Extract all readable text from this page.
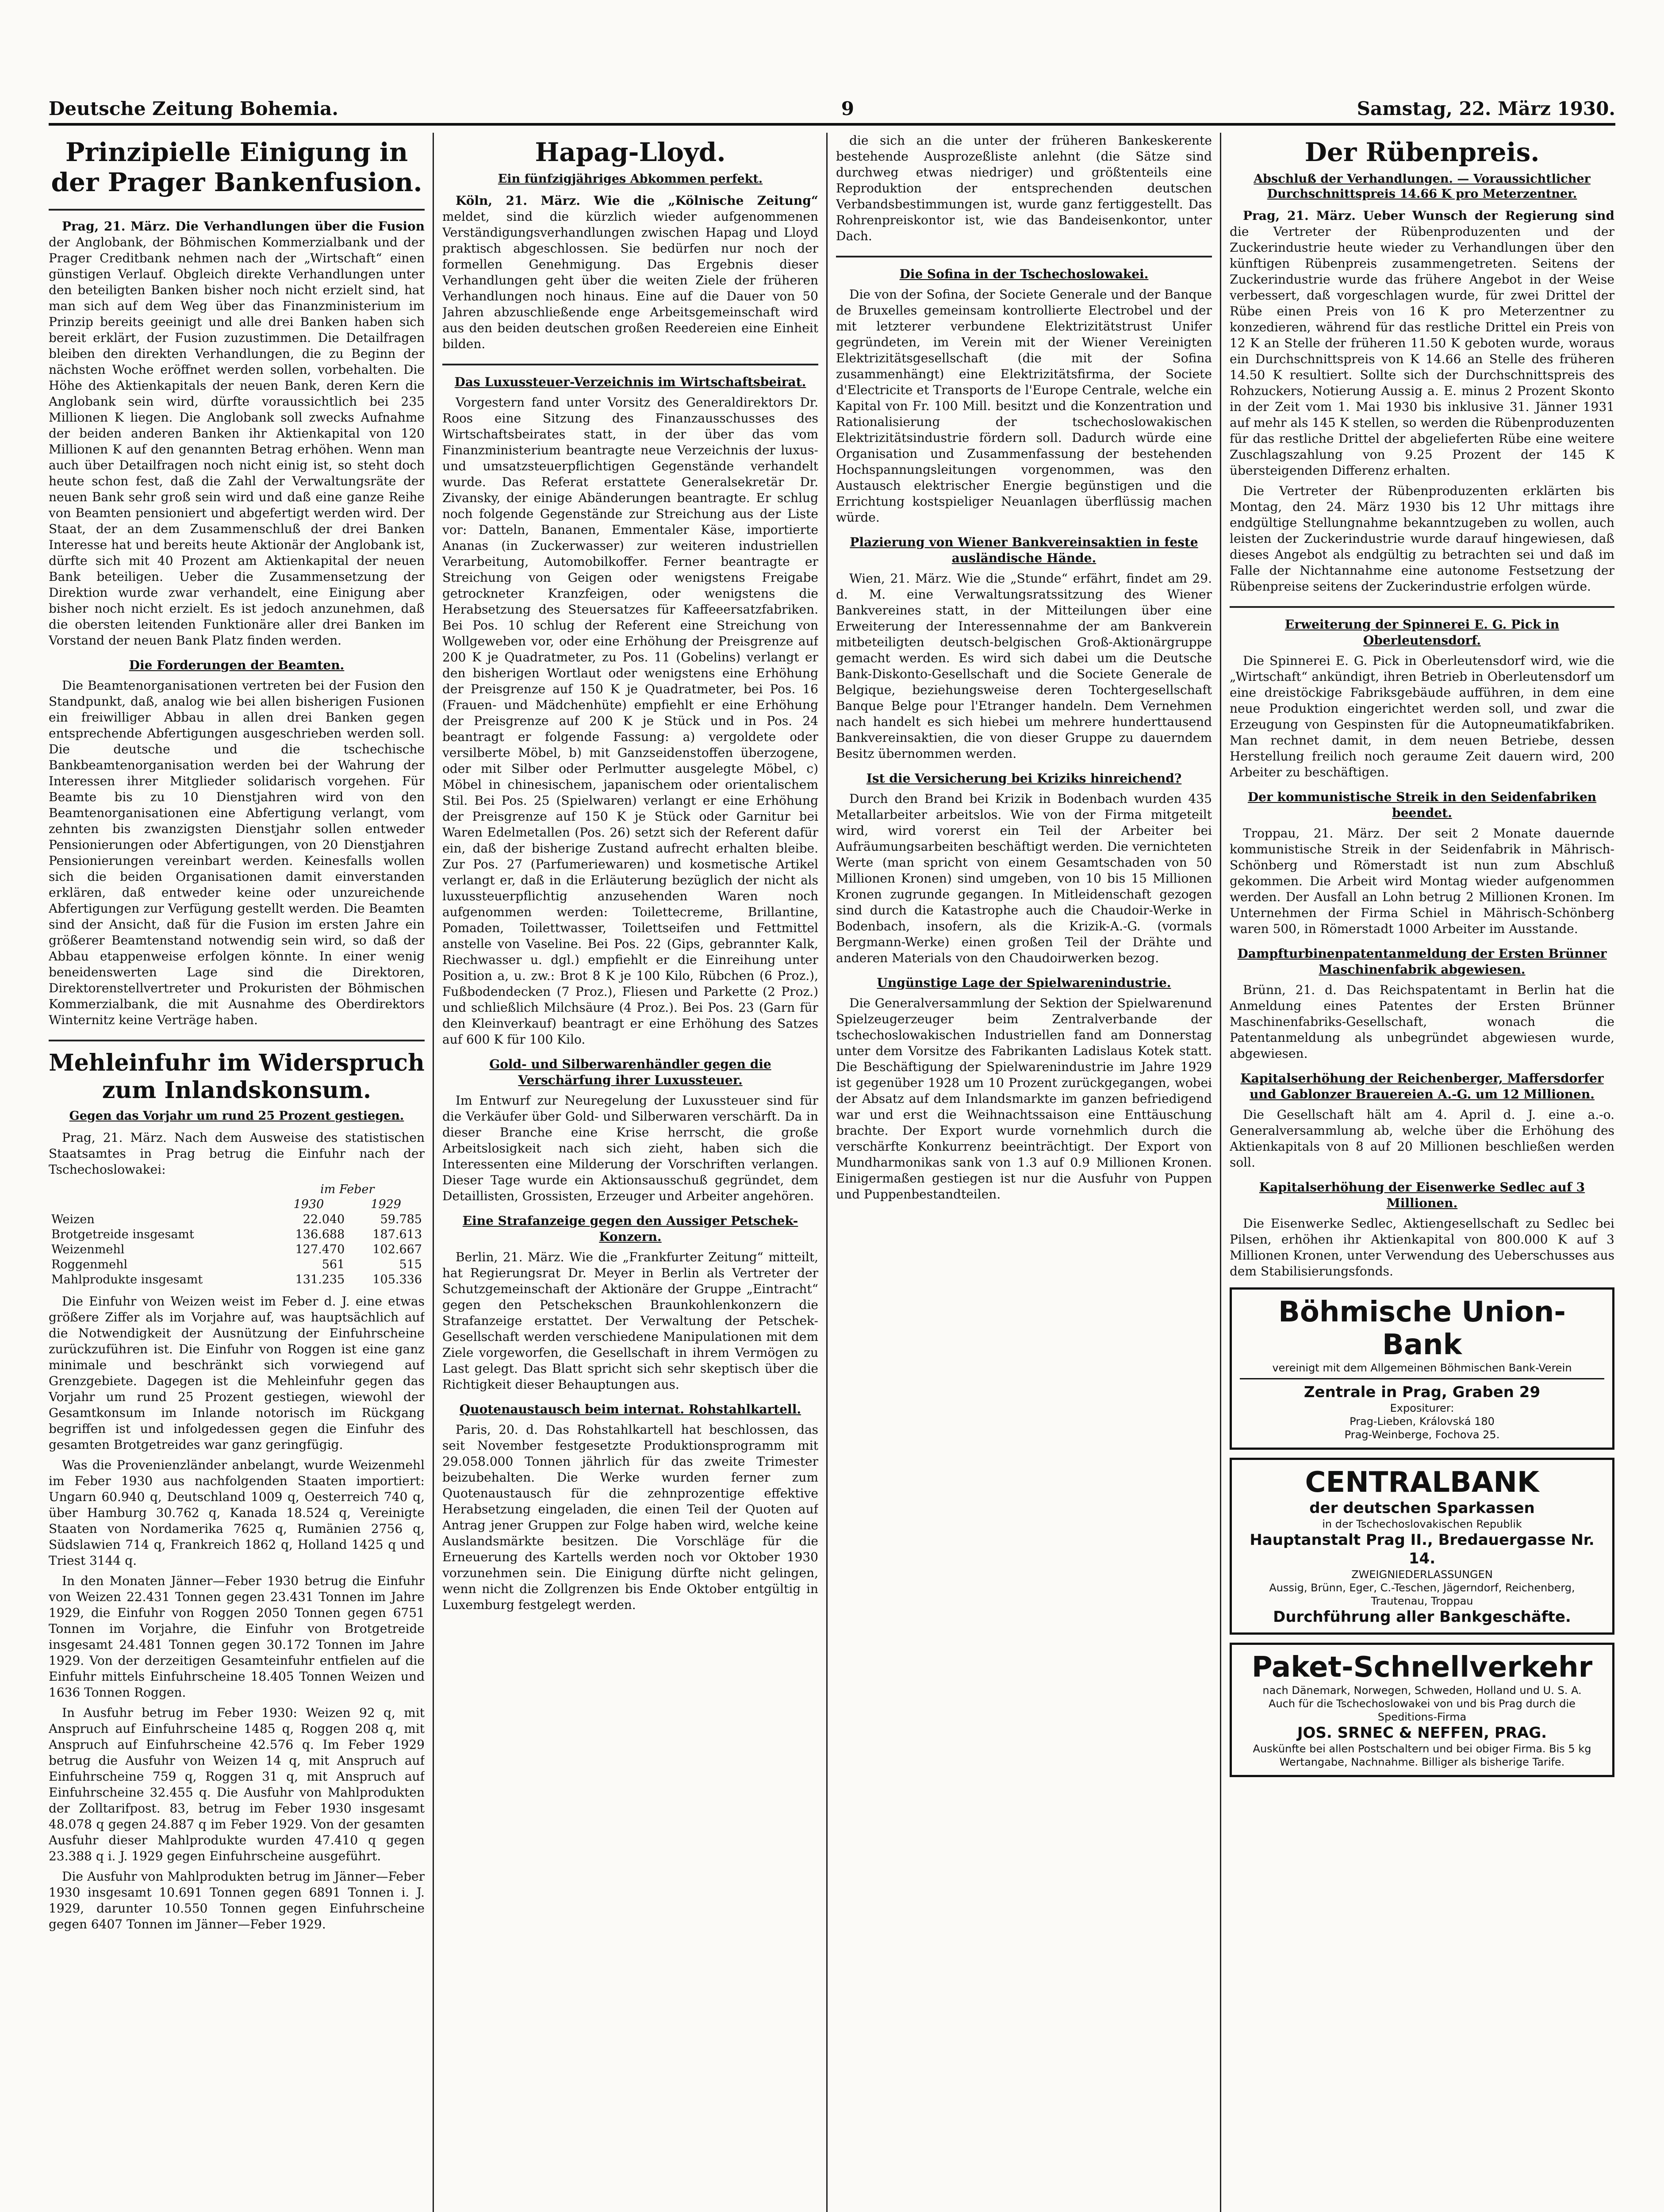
Deutsche Zeitung Bohemia.	9	Samstag, 22. März 1930.
Prinzipielle Einigung in der Prager Bankenfusion.

Prag, 21. März. Die Verhandlungen über die Fusion der Anglobank, der Böhmischen Kommerzialbank und der Prager Creditbank nehmen nach der „Wirtschaft“ einen günstigen Verlauf. Obgleich direkte Verhandlungen unter den beteiligten Banken bisher noch nicht erzielt sind, hat man sich auf dem Weg über das Finanzministerium im Prinzip bereits geeinigt und alle drei Banken haben sich bereit erklärt, der Fusion zuzustimmen. Die Detailfragen bleiben den direkten Verhandlungen, die zu Beginn der nächsten Woche eröffnet werden sollen, vorbehalten. Die Höhe des Aktienkapitals der neuen Bank, deren Kern die Anglobank sein wird, dürfte voraussichtlich bei 235 Millionen K liegen. Die Anglobank soll zwecks Aufnahme der beiden anderen Banken ihr Aktienkapital von 120 Millionen K auf den genannten Betrag erhöhen. Wenn man auch über Detailfragen noch nicht einig ist, so steht doch heute schon fest, daß die Zahl der Verwaltungsräte der neuen Bank sehr groß sein wird und daß eine ganze Reihe von Beamten pensioniert und abgefertigt werden wird. Der Staat, der an dem Zusammenschluß der drei Banken Interesse hat und bereits heute Aktionär der Anglobank ist, dürfte sich mit 40 Prozent am Aktienkapital der neuen Bank beteiligen. Ueber die Zusammensetzung der Direktion wurde zwar verhandelt, eine Einigung aber bisher noch nicht erzielt. Es ist jedoch anzunehmen, daß die obersten leitenden Funktionäre aller drei Banken im Vorstand der neuen Bank Platz finden werden.

Die Forderungen der Beamten.

Die Beamtenorganisationen vertreten bei der Fusion den Standpunkt, daß, analog wie bei allen bisherigen Fusionen ein freiwilliger Abbau in allen drei Banken gegen entsprechende Abfertigungen ausgeschrieben werden soll. Die deutsche und die tschechische Bankbeamtenorganisation werden bei der Wahrung der Interessen ihrer Mitglieder solidarisch vorgehen. Für Beamte bis zu 10 Dienstjahren wird von den Beamtenorganisationen eine Abfertigung verlangt, vom zehnten bis zwanzigsten Dienstjahr sollen entweder Pensionierungen oder Abfertigungen, von 20 Dienstjahren Pensionierungen vereinbart werden. Keinesfalls wollen sich die beiden Organisationen damit einverstanden erklären, daß entweder keine oder unzureichende Abfertigungen zur Verfügung gestellt werden. Die Beamten sind der Ansicht, daß für die Fusion im ersten Jahre ein größerer Beamtenstand notwendig sein wird, so daß der Abbau etappenweise erfolgen könnte. In einer wenig beneidenswerten Lage sind die Direktoren, Direktorenstellvertreter und Prokuristen der Böhmischen Kommerzialbank, die mit Ausnahme des Oberdirektors Winternitz keine Verträge haben.

Mehleinfuhr im Widerspruch zum Inlandskonsum.
Gegen das Vorjahr um rund 25 Prozent gestiegen.

Prag, 21. März. Nach dem Ausweise des statistischen Staatsamtes in Prag betrug die Einfuhr nach der Tschechoslowakei:

	im Feber	
	1930	1929
Weizen	22.040	59.785
Brotgetreide insgesamt	136.688	187.613
Weizenmehl	127.470	102.667
Roggenmehl	561	515
Mahlprodukte insgesamt	131.235	105.336

Die Einfuhr von Weizen weist im Feber d. J. eine etwas größere Ziffer als im Vorjahre auf, was hauptsächlich auf die Notwendigkeit der Ausnützung der Einfuhrscheine zurückzuführen ist. Die Einfuhr von Roggen ist eine ganz minimale und beschränkt sich vorwiegend auf Grenzgebiete. Dagegen ist die Mehleinfuhr gegen das Vorjahr um rund 25 Prozent gestiegen, wiewohl der Gesamtkonsum im Inlande notorisch im Rückgang begriffen ist und infolgedessen gegen die Einfuhr des gesamten Brotgetreides war ganz geringfügig.

Was die Provenienzländer anbelangt, wurde Weizenmehl im Feber 1930 aus nachfolgenden Staaten importiert: Ungarn 60.940 q, Deutschland 1009 q, Oesterreich 740 q, über Hamburg 30.762 q, Kanada 18.524 q, Vereinigte Staaten von Nordamerika 7625 q, Rumänien 2756 q, Südslawien 714 q, Frankreich 1862 q, Holland 1425 q und Triest 3144 q.

In den Monaten Jänner—Feber 1930 betrug die Einfuhr von Weizen 22.431 Tonnen gegen 23.431 Tonnen im Jahre 1929, die Einfuhr von Roggen 2050 Tonnen gegen 6751 Tonnen im Vorjahre, die Einfuhr von Brotgetreide insgesamt 24.481 Tonnen gegen 30.172 Tonnen im Jahre 1929. Von der derzeitigen Gesamteinfuhr entfielen auf die Einfuhr mittels Einfuhrscheine 18.405 Tonnen Weizen und 1636 Tonnen Roggen.

In Ausfuhr betrug im Feber 1930: Weizen 92 q, mit Anspruch auf Einfuhrscheine 1485 q, Roggen 208 q, mit Anspruch auf Einfuhrscheine 42.576 q. Im Feber 1929 betrug die Ausfuhr von Weizen 14 q, mit Anspruch auf Einfuhrscheine 759 q, Roggen 31 q, mit Anspruch auf Einfuhrscheine 32.455 q. Die Ausfuhr von Mahlprodukten der Zolltarifpost. 83, betrug im Feber 1930 insgesamt 48.078 q gegen 24.887 q im Feber 1929. Von der gesamten Ausfuhr dieser Mahlprodukte wurden 47.410 q gegen 23.388 q i. J. 1929 gegen Einfuhrscheine ausgeführt.

Die Ausfuhr von Mahlprodukten betrug im Jänner—Feber 1930 insgesamt 10.691 Tonnen gegen 6891 Tonnen i. J. 1929, darunter 10.550 Tonnen gegen Einfuhrscheine gegen 6407 Tonnen im Jänner—Feber 1929.

Hapag-Lloyd.
Ein fünfzigjähriges Abkommen perfekt.

Köln, 21. März. Wie die „Kölnische Zeitung“ meldet, sind die kürzlich wieder aufgenommenen Verständigungsverhandlungen zwischen Hapag und Lloyd praktisch abgeschlossen. Sie bedürfen nur noch der formellen Genehmigung. Das Ergebnis dieser Verhandlungen geht über die weiten Ziele der früheren Verhandlungen noch hinaus. Eine auf die Dauer von 50 Jahren abzuschließende enge Arbeitsgemeinschaft wird aus den beiden deutschen großen Reedereien eine Einheit bilden.

Das Luxussteuer-Verzeichnis im Wirtschaftsbeirat.

Vorgestern fand unter Vorsitz des Generaldirektors Dr. Roos eine Sitzung des Finanzausschusses des Wirtschaftsbeirates statt, in der über das vom Finanzministerium beantragte neue Verzeichnis der luxus- und umsatzsteuerpflichtigen Gegenstände verhandelt wurde. Das Referat erstattete Generalsekretär Dr. Zivansky, der einige Abänderungen beantragte. Er schlug noch folgende Gegenstände zur Streichung aus der Liste vor: Datteln, Bananen, Emmentaler Käse, importierte Ananas (in Zuckerwasser) zur weiteren industriellen Verarbeitung, Automobilkoffer. Ferner beantragte er Streichung von Geigen oder wenigstens Freigabe getrockneter Kranzfeigen, oder wenigstens die Herabsetzung des Steuersatzes für Kaffeeersatzfabriken. Bei Pos. 10 schlug der Referent eine Streichung von Wollgeweben vor, oder eine Erhöhung der Preisgrenze auf 200 K je Quadratmeter, zu Pos. 11 (Gobelins) verlangt er den bisherigen Wortlaut oder wenigstens eine Erhöhung der Preisgrenze auf 150 K je Quadratmeter, bei Pos. 16 (Frauen- und Mädchenhüte) empfiehlt er eine Erhöhung der Preisgrenze auf 200 K je Stück und in Pos. 24 beantragt er folgende Fassung: a) vergoldete oder versilberte Möbel, b) mit Ganzseidenstoffen überzogene, oder mit Silber oder Perlmutter ausgelegte Möbel, c) Möbel in chinesischem, japanischem oder orientalischem Stil. Bei Pos. 25 (Spielwaren) verlangt er eine Erhöhung der Preisgrenze auf 150 K je Stück oder Garnitur bei Waren Edelmetallen (Pos. 26) setzt sich der Referent dafür ein, daß der bisherige Zustand aufrecht erhalten bleibe. Zur Pos. 27 (Parfumeriewaren) und kosmetische Artikel verlangt er, daß in die Erläuterung bezüglich der nicht als luxussteuerpflichtig anzusehenden Waren noch aufgenommen werden: Toilettecreme, Brillantine, Pomaden, Toilettwasser, Toilettseifen und Fettmittel anstelle von Vaseline. Bei Pos. 22 (Gips, gebrannter Kalk, Riechwasser u. dgl.) empfiehlt er die Einreihung unter Position a, u. zw.: Brot 8 K je 100 Kilo, Rübchen (6 Proz.), Fußbodendecken (7 Proz.), Fliesen und Parkette (2 Proz.) und schließlich Milchsäure (4 Proz.). Bei Pos. 23 (Garn für den Kleinverkauf) beantragt er eine Erhöhung des Satzes auf 600 K für 100 Kilo.

Gold- und Silberwarenhändler gegen die Verschärfung ihrer Luxussteuer.

Im Entwurf zur Neuregelung der Luxussteuer sind für die Verkäufer über Gold- und Silberwaren verschärft. Da in dieser Branche eine Krise herrscht, die große Arbeitslosigkeit nach sich zieht, haben sich die Interessenten eine Milderung der Vorschriften verlangen. Dieser Tage wurde ein Aktionsausschuß gegründet, dem Detaillisten, Grossisten, Erzeuger und Arbeiter angehören.

Eine Strafanzeige gegen den Aussiger Petschek-Konzern.

Berlin, 21. März. Wie die „Frankfurter Zeitung“ mitteilt, hat Regierungsrat Dr. Meyer in Berlin als Vertreter der Schutzgemeinschaft der Aktionäre der Gruppe „Eintracht“ gegen den Petschekschen Braunkohlenkonzern die Strafanzeige erstattet. Der Verwaltung der Petschek-Gesellschaft werden verschiedene Manipulationen mit dem Ziele vorgeworfen, die Gesellschaft in ihrem Vermögen zu Last gelegt. Das Blatt spricht sich sehr skeptisch über die Richtigkeit dieser Behauptungen aus.

Quotenaustausch beim internat. Rohstahlkartell.

Paris, 20. d. Das Rohstahlkartell hat beschlossen, das seit November festgesetzte Produktionsprogramm mit 29.058.000 Tonnen jährlich für das zweite Trimester beizubehalten. Die Werke wurden ferner zum Quotenaustausch für die zehnprozentige effektive Herabsetzung eingeladen, die einen Teil der Quoten auf Antrag jener Gruppen zur Folge haben wird, welche keine Auslandsmärkte besitzen. Die Vorschläge für die Erneuerung des Kartells werden noch vor Oktober 1930 vorzunehmen sein. Die Einigung dürfte nicht gelingen, wenn nicht die Zollgrenzen bis Ende Oktober entgültig in Luxemburg festgelegt werden.

die sich an die unter der früheren Bankeskerente bestehende Ausprozeßliste anlehnt (die Sätze sind durchweg etwas niedriger) und größtenteils eine Reproduktion der entsprechenden deutschen Verbandsbestimmungen ist, wurde ganz fertiggestellt. Das Rohrenpreiskontor ist, wie das Bandeisenkontor, unter Dach.

Die Sofina in der Tschechoslowakei.

Die von der Sofina, der Societe Generale und der Banque de Bruxelles gemeinsam kontrollierte Electrobel und der mit letzterer verbundene Elektrizitätstrust Unifer gegründeten, im Verein mit der Wiener Vereinigten Elektrizitätsgesellschaft (die mit der Sofina zusammenhängt) eine Elektrizitätsfirma, der Societe d'Electricite et Transports de l'Europe Centrale, welche ein Kapital von Fr. 100 Mill. besitzt und die Konzentration und Rationalisierung der tschechoslowakischen Elektrizitätsindustrie fördern soll. Dadurch würde eine Organisation und Zusammenfassung der bestehenden Hochspannungsleitungen vorgenommen, was den Austausch elektrischer Energie begünstigen und die Errichtung kostspieliger Neuanlagen überflüssig machen würde.

Plazierung von Wiener Bankvereinsaktien in feste ausländische Hände.

Wien, 21. März. Wie die „Stunde“ erfährt, findet am 29. d. M. eine Verwaltungsratssitzung des Wiener Bankvereines statt, in der Mitteilungen über eine Erweiterung der Interessennahme der am Bankverein mitbeteiligten deutsch-belgischen Groß-Aktionärgruppe gemacht werden. Es wird sich dabei um die Deutsche Bank-Diskonto-Gesellschaft und die Societe Generale de Belgique, beziehungsweise deren Tochtergesellschaft Banque Belge pour l'Etranger handeln. Dem Vernehmen nach handelt es sich hiebei um mehrere hunderttausend Bankvereinsaktien, die von dieser Gruppe zu dauerndem Besitz übernommen werden.

Ist die Versicherung bei Kriziks hinreichend?

Durch den Brand bei Krizik in Bodenbach wurden 435 Metallarbeiter arbeitslos. Wie von der Firma mitgeteilt wird, wird vorerst ein Teil der Arbeiter bei Aufräumungsarbeiten beschäftigt werden. Die vernichteten Werte (man spricht von einem Gesamtschaden von 50 Millionen Kronen) sind umgeben, von 10 bis 15 Millionen Kronen zugrunde gegangen. In Mitleidenschaft gezogen sind durch die Katastrophe auch die Chaudoir-Werke in Bodenbach, insofern, als die Krizik-A.-G. (vormals Bergmann-Werke) einen großen Teil der Drähte und anderen Materials von den Chaudoirwerken bezog.

Ungünstige Lage der Spielwarenindustrie.

Die Generalversammlung der Sektion der Spielwarenund Spielzeugerzeuger beim Zentralverbande der tschechoslowakischen Industriellen fand am Donnerstag unter dem Vorsitze des Fabrikanten Ladislaus Kotek statt. Die Beschäftigung der Spielwarenindustrie im Jahre 1929 ist gegenüber 1928 um 10 Prozent zurückgegangen, wobei der Absatz auf dem Inlandsmarkte im ganzen befriedigend war und erst die Weihnachtssaison eine Enttäuschung brachte. Der Export wurde vornehmlich durch die verschärfte Konkurrenz beeinträchtigt. Der Export von Mundharmonikas sank von 1.3 auf 0.9 Millionen Kronen. Einigermaßen gestiegen ist nur die Ausfuhr von Puppen und Puppenbestandteilen.

Der Rübenpreis.
Abschluß der Verhandlungen. — Voraussichtlicher Durchschnittspreis 14.66 K pro Meterzentner.

Prag, 21. März. Ueber Wunsch der Regierung sind die Vertreter der Rübenproduzenten und der Zuckerindustrie heute wieder zu Verhandlungen über den künftigen Rübenpreis zusammengetreten. Seitens der Zuckerindustrie wurde das frühere Angebot in der Weise verbessert, daß vorgeschlagen wurde, für zwei Drittel der Rübe einen Preis von 16 K pro Meterzentner zu konzedieren, während für das restliche Drittel ein Preis von 12 K an Stelle der früheren 11.50 K geboten wurde, woraus ein Durchschnittspreis von K 14.66 an Stelle des früheren 14.50 K resultiert. Sollte sich der Durchschnittspreis des Rohzuckers, Notierung Aussig a. E. minus 2 Prozent Skonto in der Zeit vom 1. Mai 1930 bis inklusive 31. Jänner 1931 auf mehr als 145 K stellen, so werden die Rübenproduzenten für das restliche Drittel der abgelieferten Rübe eine weitere Zuschlagszahlung von 9.25 Prozent der 145 K übersteigenden Differenz erhalten.

Die Vertreter der Rübenproduzenten erklärten bis Montag, den 24. März 1930 bis 12 Uhr mittags ihre endgültige Stellungnahme bekanntzugeben zu wollen, auch leisten der Zuckerindustrie wurde darauf hingewiesen, daß dieses Angebot als endgültig zu betrachten sei und daß im Falle der Nichtannahme eine autonome Festsetzung der Rübenpreise seitens der Zuckerindustrie erfolgen würde.

Erweiterung der Spinnerei E. G. Pick in Oberleutensdorf.

Die Spinnerei E. G. Pick in Oberleutensdorf wird, wie die „Wirtschaft“ ankündigt, ihren Betrieb in Oberleutensdorf um eine dreistöckige Fabriksgebäude aufführen, in dem eine neue Produktion eingerichtet werden soll, und zwar die Erzeugung von Gespinsten für die Autopneumatikfabriken. Man rechnet damit, in dem neuen Betriebe, dessen Herstellung freilich noch geraume Zeit dauern wird, 200 Arbeiter zu beschäftigen.

Der kommunistische Streik in den Seidenfabriken beendet.

Troppau, 21. März. Der seit 2 Monate dauernde kommunistische Streik in der Seidenfabrik in Mährisch-Schönberg und Römerstadt ist nun zum Abschluß gekommen. Die Arbeit wird Montag wieder aufgenommen werden. Der Ausfall an Lohn betrug 2 Millionen Kronen. Im Unternehmen der Firma Schiel in Mährisch-Schönberg waren 500, in Römerstadt 1000 Arbeiter im Ausstande.

Dampfturbinenpatentanmeldung der Ersten Brünner Maschinenfabrik abgewiesen.

Brünn, 21. d. Das Reichspatentamt in Berlin hat die Anmeldung eines Patentes der Ersten Brünner Maschinenfabriks-Gesellschaft, wonach die Patentanmeldung als unbegründet abgewiesen wurde, abgewiesen.

Kapitalserhöhung der Reichenberger, Maffersdorfer und Gablonzer Brauereien A.-G. um 12 Millionen.

Die Gesellschaft hält am 4. April d. J. eine a.-o. Generalversammlung ab, welche über die Erhöhung des Aktienkapitals von 8 auf 20 Millionen beschließen werden soll.

Kapitalserhöhung der Eisenwerke Sedlec auf 3 Millionen.

Die Eisenwerke Sedlec, Aktiengesellschaft zu Sedlec bei Pilsen, erhöhen ihr Aktienkapital von 800.000 K auf 3 Millionen Kronen, unter Verwendung des Ueberschusses aus dem Stabilisierungsfonds.

Böhmische Union-Bank
vereinigt mit dem Allgemeinen Böhmischen Bank-Verein
Zentrale in Prag, Graben 29
Expositurer:
Prag-Lieben, Královská 180
Prag-Weinberge, Fochova 25.
CENTRALBANK
der deutschen Sparkassen
in der Tschechoslovakischen Republik
Hauptanstalt Prag II., Bredauergasse Nr. 14.
ZWEIGNIEDERLASSUNGEN
Aussig, Brünn, Eger, C.-Teschen, Jägerndorf, Reichenberg, Trautenau, Troppau
Durchführung aller Bankgeschäfte.
Paket-Schnellverkehr
nach Dänemark, Norwegen, Schweden, Holland und U. S. A.
Auch für die Tschechoslowakei von und bis Prag durch die Speditions-Firma
JOS. SRNEC & NEFFEN, PRAG.
Auskünfte bei allen Postschaltern und bei obiger Firma. Bis 5 kg Wertangabe, Nachnahme. Billiger als bisherige Tarife.
